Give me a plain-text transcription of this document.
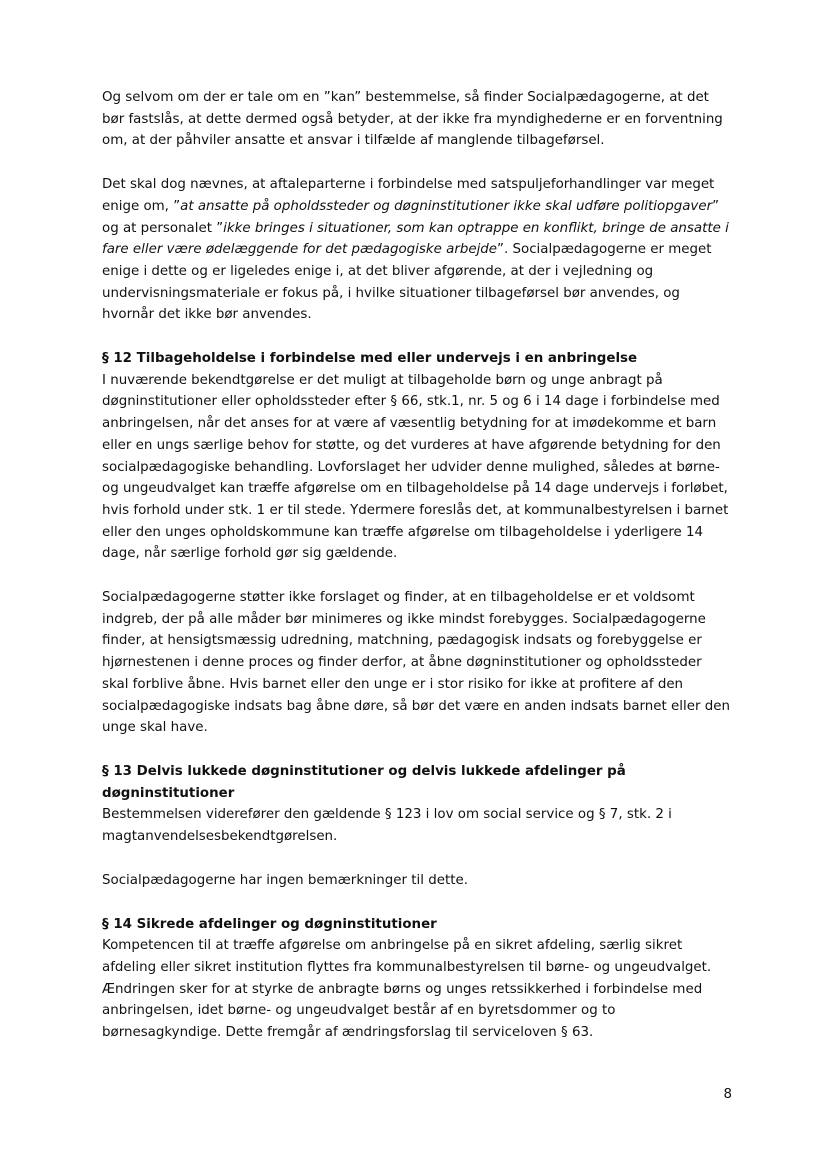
Og selvom om der er tale om en ”kan” bestemmelse, så finder Socialpædagogerne, at det bør fastslås, at dette dermed også betyder, at der ikke fra myndighederne er en forventning om, at der påhviler ansatte et ansvar i tilfælde af manglende tilbageførsel.

Det skal dog nævnes, at aftaleparterne i forbindelse med satspuljeforhandlinger var meget enige om, ”at ansatte på opholdssteder og døgninstitutioner ikke skal udføre politiopgaver” og at personalet ”ikke bringes i situationer, som kan optrappe en konflikt, bringe de ansatte i fare eller være ødelæggende for det pædagogiske arbejde”. Socialpædagogerne er meget enige i dette og er ligeledes enige i, at det bliver afgørende, at der i vejledning og undervisningsmateriale er fokus på, i hvilke situationer tilbageførsel bør anvendes, og hvornår det ikke bør anvendes.

§ 12 Tilbageholdelse i forbindelse med eller undervejs i en anbringelse

I nuværende bekendtgørelse er det muligt at tilbageholde børn og unge anbragt på døgninstitutioner eller opholdssteder efter § 66, stk.1, nr. 5 og 6 i 14 dage i forbindelse med anbringelsen, når det anses for at være af væsentlig betydning for at imødekomme et barn eller en ungs særlige behov for støtte, og det vurderes at have afgørende betydning for den socialpædagogiske behandling. Lovforslaget her udvider denne mulighed, således at børne- og ungeudvalget kan træffe afgørelse om en tilbageholdelse på 14 dage undervejs i forløbet, hvis forhold under stk. 1 er til stede. Ydermere foreslås det, at kommunalbestyrelsen i barnet eller den unges opholdskommune kan træffe afgørelse om tilbageholdelse i yderligere 14 dage, når særlige forhold gør sig gældende.

Socialpædagogerne støtter ikke forslaget og finder, at en tilbageholdelse er et voldsomt indgreb, der på alle måder bør minimeres og ikke mindst forebygges. Socialpædagogerne finder, at hensigtsmæssig udredning, matchning, pædagogisk indsats og forebyggelse er hjørnestenen i denne proces og finder derfor, at åbne døgninstitutioner og opholdssteder skal forblive åbne. Hvis barnet eller den unge er i stor risiko for ikke at profitere af den socialpædagogiske indsats bag åbne døre, så bør det være en anden indsats barnet eller den unge skal have.

§ 13 Delvis lukkede døgninstitutioner og delvis lukkede afdelinger på døgninstitutioner

Bestemmelsen viderefører den gældende § 123 i lov om social service og § 7, stk. 2 i magtanvendelsesbekendtgørelsen.

Socialpædagogerne har ingen bemærkninger til dette.

§ 14 Sikrede afdelinger og døgninstitutioner

Kompetencen til at træffe afgørelse om anbringelse på en sikret afdeling, særlig sikret afdeling eller sikret institution flyttes fra kommunalbestyrelsen til børne- og ungeudvalget. Ændringen sker for at styrke de anbragte børns og unges retssikkerhed i forbindelse med anbringelsen, idet børne- og ungeudvalget består af en byretsdommer og to børnesagkyndige. Dette fremgår af ændringsforslag til serviceloven § 63.

8
